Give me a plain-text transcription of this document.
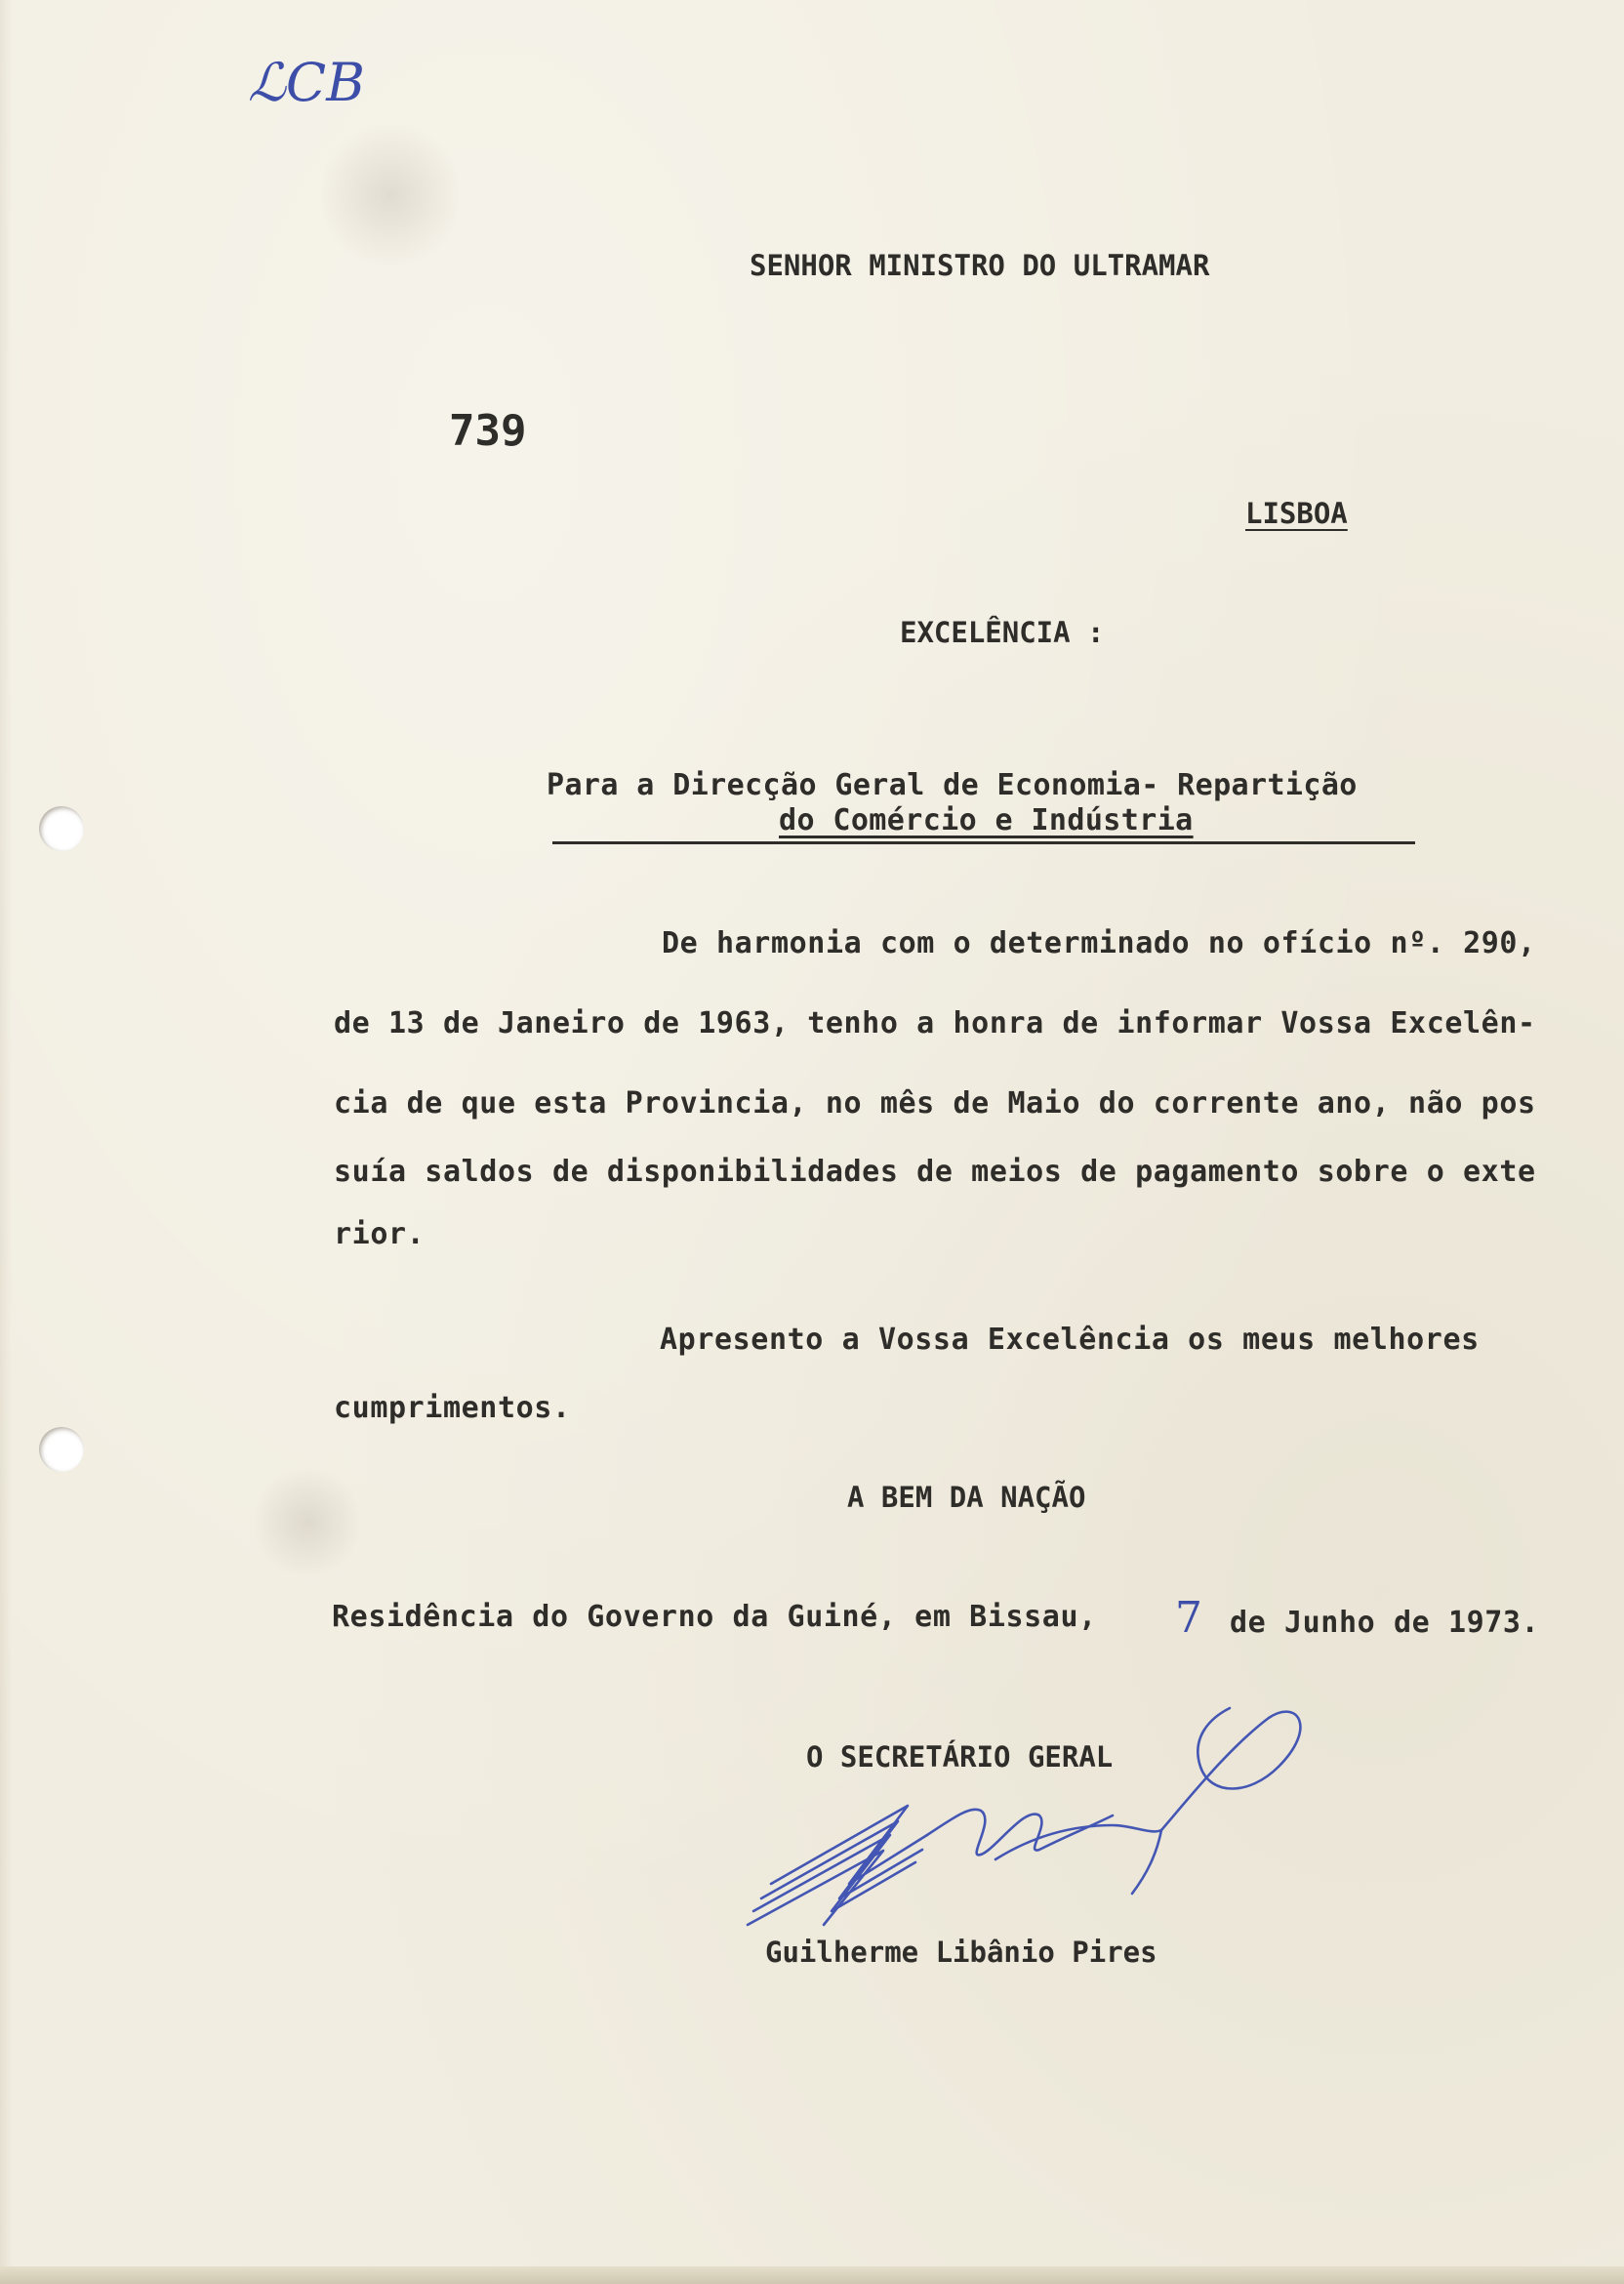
ℒCB

SENHOR MINISTRO DO ULTRAMAR

739

LISBOA

EXCELÊNCIA :

Para a Direcção Geral de Economia- Repartição

do Comércio e Indústria

De harmonia com o determinado no ofício nº. 290,

de 13 de Janeiro de 1963, tenho a honra de informar Vossa Excelên-

cia de que esta Provincia, no mês de Maio do corrente ano, não pos

suía saldos de disponibilidades de meios de pagamento sobre o exte

rior.

Apresento a Vossa Excelência os meus melhores

cumprimentos.

A BEM DA NAÇÃO

Residência do Governo da Guiné, em Bissau, 7 de Junho de 1973.

O SECRETÁRIO GERAL

Guilherme Libânio Pires
